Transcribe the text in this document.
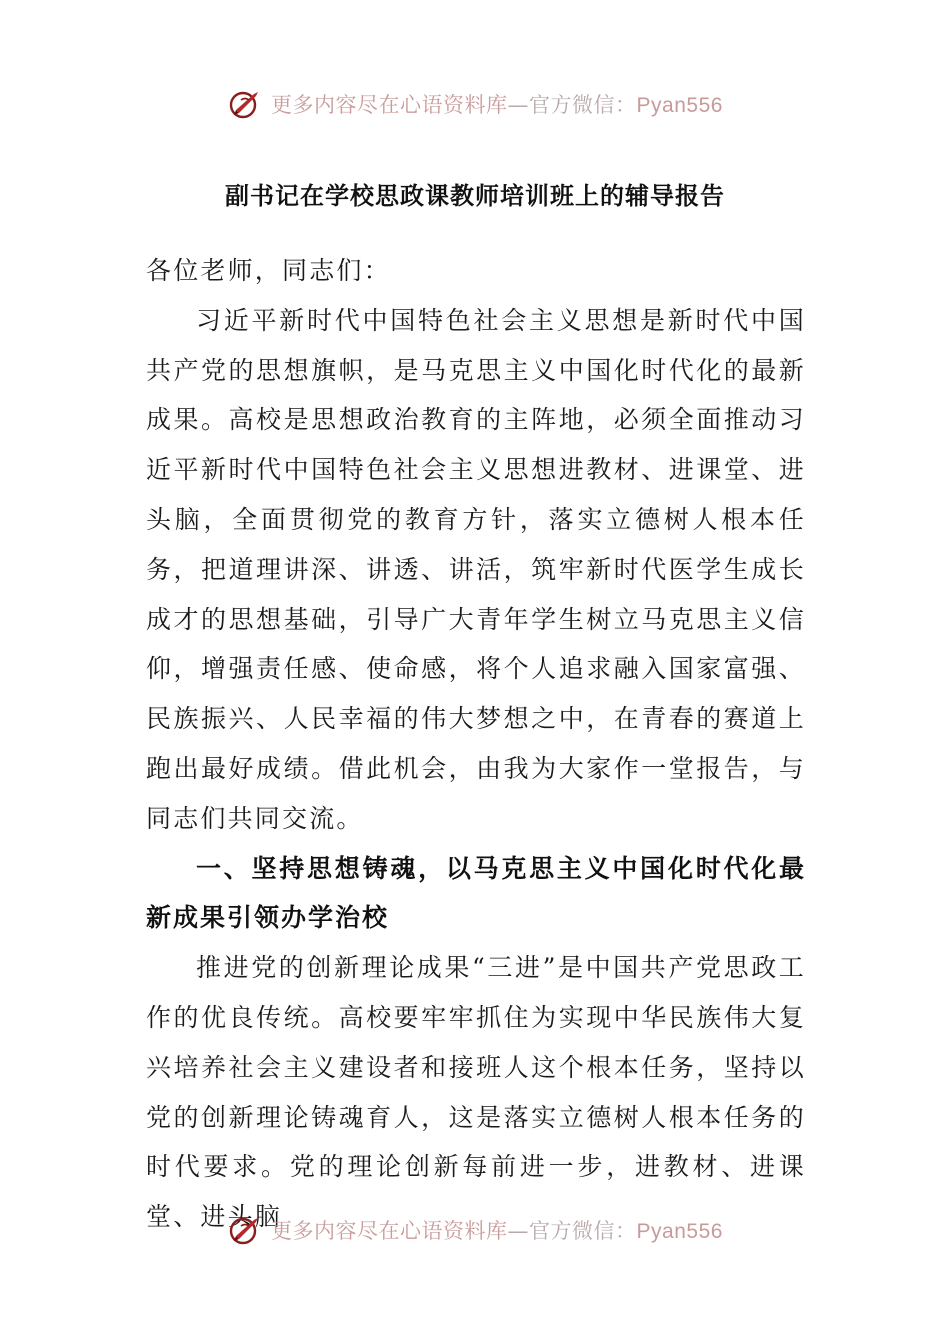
更多内容尽在心语资料库—官方微信：Pyan556
副书记在学校思政课教师培训班上的辅导报告

各位老师，同志们：

习近平新时代中国特色社会主义思想是新时代中国共产党的思想旗帜，是马克思主义中国化时代化的最新成果。高校是思想政治教育的主阵地，必须全面推动习近平新时代中国特色社会主义思想进教材、进课堂、进头脑，全面贯彻党的教育方针，落实立德树人根本任务，把道理讲深、讲透、讲活，筑牢新时代医学生成长成才的思想基础，引导广大青年学生树立马克思主义信仰，增强责任感、使命感，将个人追求融入国家富强、民族振兴、人民幸福的伟大梦想之中，在青春的赛道上跑出最好成绩。借此机会，由我为大家作一堂报告，与同志们共同交流。

一、坚持思想铸魂，以马克思主义中国化时代化最新成果引领办学治校

推进党的创新理论成果“三进”是中国共产党思政工作的优良传统。高校要牢牢抓住为实现中华民族伟大复兴培养社会主义建设者和接班人这个根本任务，坚持以党的创新理论铸魂育人，这是落实立德树人根本任务的时代要求。党的理论创新每前进一步，进教材、进课堂、进头脑

更多内容尽在心语资料库—官方微信：Pyan556
